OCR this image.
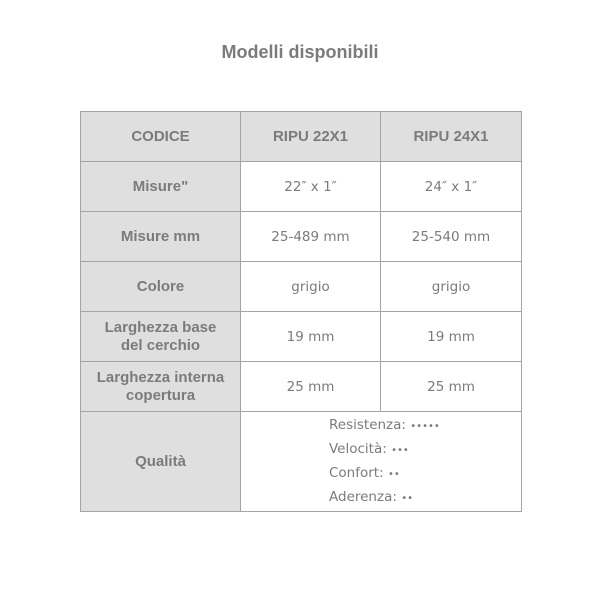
Modelli disponibili
CODICE	RIPU 22X1	RIPU 24X1
Misure"	22″ x 1″	24″ x 1″
Misure mm	25-489 mm	25-540 mm
Colore	grigio	grigio

Larghezza base
del cerchio	19 mm	19 mm

Larghezza interna
copertura	25 mm	25 mm
Qualità	Resistenza: •••••
Velocità: •••
Confort: ••
Aderenza: ••	
